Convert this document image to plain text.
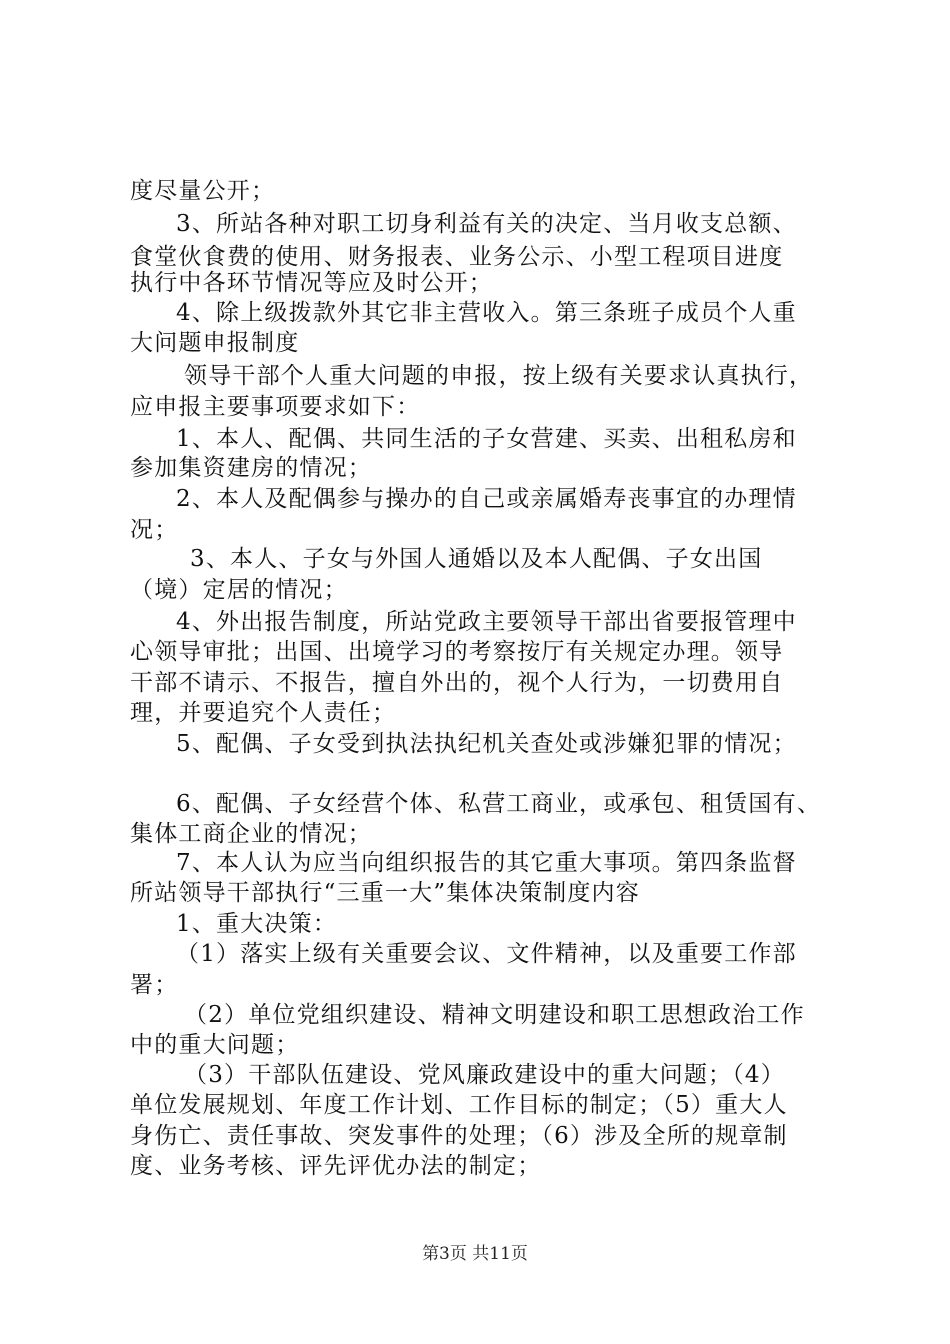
度尽量公开；
3、所站各种对职工切身利益有关的决定、当月收支总额、
食堂伙食费的使用、财务报表、业务公示、小型工程项目进度
执行中各环节情况等应及时公开；
4、除上级拨款外其它非主营收入。第三条班子成员个人重
大问题申报制度
领导干部个人重大问题的申报，按上级有关要求认真执行，
应申报主要事项要求如下：
1、本人、配偶、共同生活的子女营建、买卖、出租私房和
参加集资建房的情况；
2、本人及配偶参与操办的自己或亲属婚寿丧事宜的办理情
况；
3、本人、子女与外国人通婚以及本人配偶、子女出国
（境）定居的情况；
4、外出报告制度，所站党政主要领导干部出省要报管理中
心领导审批；出国、出境学习的考察按厅有关规定办理。领导
干部不请示、不报告，擅自外出的，视个人行为，一切费用自
理，并要追究个人责任；
5、配偶、子女受到执法执纪机关查处或涉嫌犯罪的情况；
6、配偶、子女经营个体、私营工商业，或承包、租赁国有、
集体工商企业的情况；
7、本人认为应当向组织报告的其它重大事项。第四条监督
所站领导干部执行“三重一大”集体决策制度内容
1、重大决策：
（1）落实上级有关重要会议、文件精神，以及重要工作部
署；
（2）单位党组织建设、精神文明建设和职工思想政治工作
中的重大问题；
（3）干部队伍建设、党风廉政建设中的重大问题；（4）
单位发展规划、年度工作计划、工作目标的制定；（5）重大人
身伤亡、责任事故、突发事件的处理；（6）涉及全所的规章制
度、业务考核、评先评优办法的制定；
第3页 共11页
